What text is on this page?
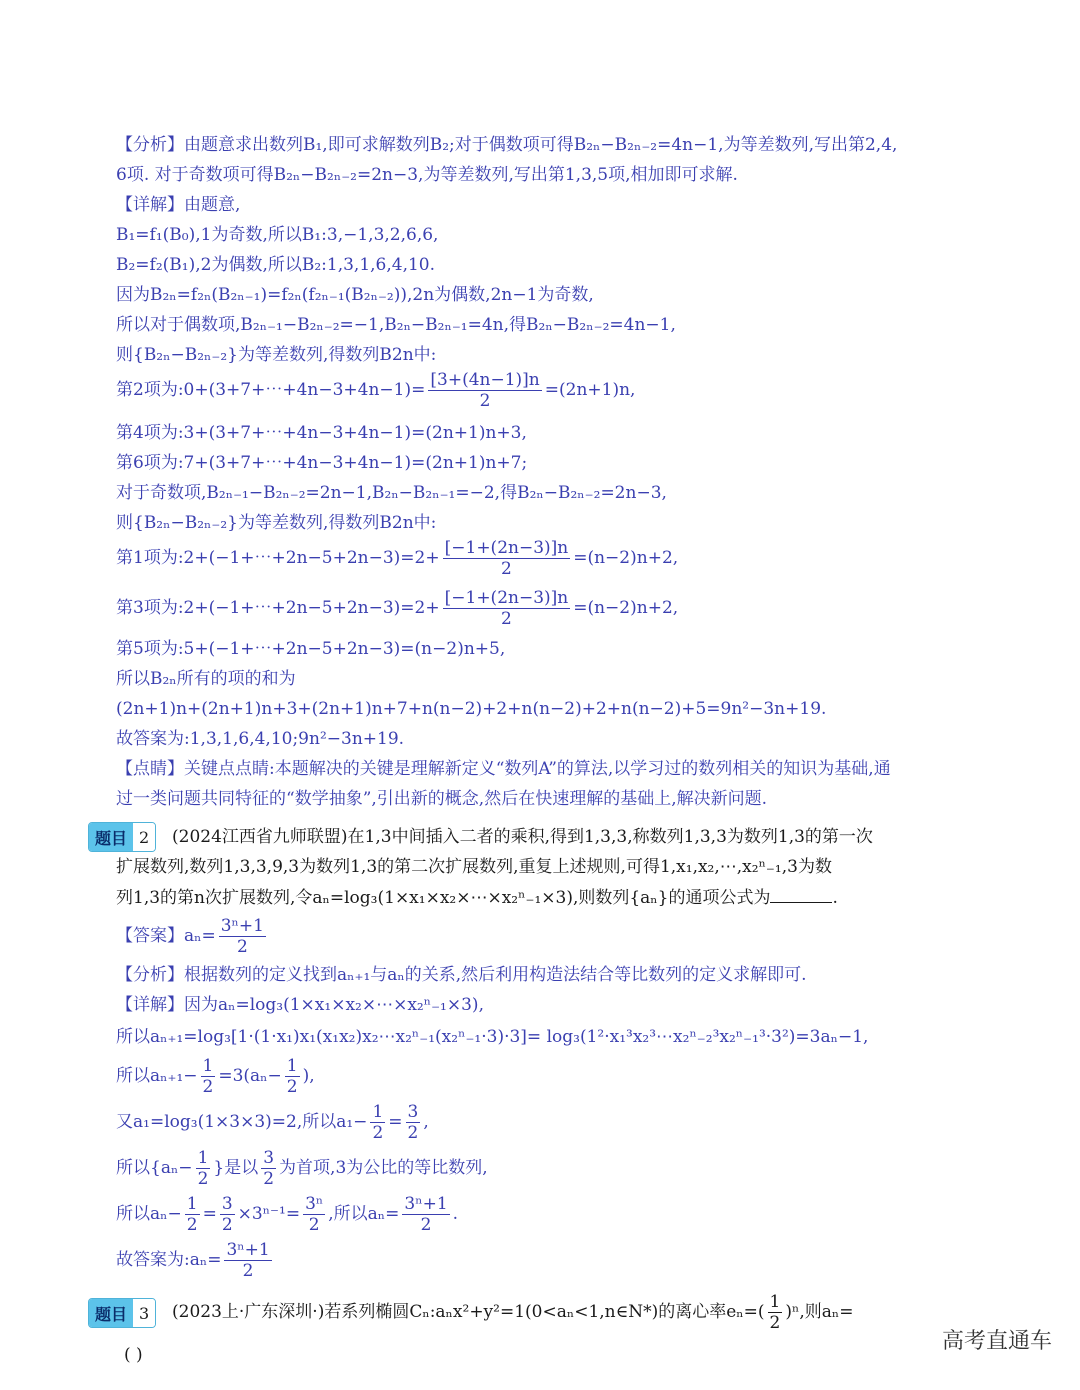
【分析】由题意求出数列B₁,即可求解数列B₂;对于偶数项可得B₂ₙ−B₂ₙ₋₂=4n−1,为等差数列,写出第2,4,
6项. 对于奇数项可得B₂ₙ−B₂ₙ₋₂=2n−3,为等差数列,写出第1,3,5项,相加即可求解.
【详解】由题意,
B₁=f₁(B₀),1为奇数,所以B₁:3,−1,3,2,6,6,
B₂=f₂(B₁),2为偶数,所以B₂:1,3,1,6,4,10.
因为B₂ₙ=f₂ₙ(B₂ₙ₋₁)=f₂ₙ(f₂ₙ₋₁(B₂ₙ₋₂)),2n为偶数,2n−1为奇数,
所以对于偶数项,B₂ₙ₋₁−B₂ₙ₋₂=−1,B₂ₙ−B₂ₙ₋₁=4n,得B₂ₙ−B₂ₙ₋₂=4n−1,
则{B₂ₙ−B₂ₙ₋₂}为等差数列,得数列B2n中:
第2项为:0+(3+7+⋯+4n−3+4n−1)= $\frac{[3+(4n-1)]n}{2} =(2n+1)n$,
第4项为:3+(3+7+⋯+4n−3+4n−1)=(2n+1)n+3,
第6项为:7+(3+7+⋯+4n−3+4n−1)=(2n+1)n+7;
对于奇数项,B₂ₙ₋₁−B₂ₙ₋₂=2n−1,B₂ₙ−B₂ₙ₋₁=−2,得B₂ₙ−B₂ₙ₋₂=2n−3,
则{B₂ₙ−B₂ₙ₋₂}为等差数列,得数列B2n中:
第1项为:2+(−1+⋯+2n−5+2n−3)=2+ $\frac{[-1+(2n-3)]n}{2} =(n-2)n+2$,
第3项为:2+(−1+⋯+2n−5+2n−3)=2+ $\frac{[-1+(2n-3)]n}{2} =(n-2)n+2$,
第5项为:5+(−1+⋯+2n−5+2n−3)=(n−2)n+5,
所以B₂ₙ所有的项的和为
(2n+1)n+(2n+1)n+3+(2n+1)n+7+n(n−2)+2+n(n−2)+2+n(n−2)+5=9n²−3n+19.
故答案为:1,3,1,6,4,10;9n²−3n+19.
【点睛】关键点点睛:本题解决的关键是理解新定义“数列A”的算法,以学习过的数列相关的知识为基础,通
过一类问题共同特征的“数学抽象”,引出新的概念,然后在快速理解的基础上,解决新问题.
题目 2	(2024江西省九师联盟)在1,3中间插入二者的乘积,得到1,3,3,称数列1,3,3为数列1,3的第一次
扩展数列,数列1,3,3,9,3为数列1,3的第二次扩展数列,重复上述规则,可得1,x₁,x₂,⋯,x₂ⁿ₋₁,3为数
列1,3的第n次扩展数列,令aₙ=log₃(1×x₁×x₂×⋯×x₂ⁿ₋₁×3),则数列{aₙ}的通项公式为	.
【答案】$a_n= \frac{\text{3ⁿ+1}}{2}$
【分析】根据数列的定义找到aₙ₊₁与aₙ的关系,然后利用构造法结合等比数列的定义求解即可.
【详解】因为aₙ=log₃(1×x₁×x₂×⋯×x₂ⁿ₋₁×3),
所以aₙ₊₁=log₃[1·(1·x₁)x₁(x₁x₂)x₂⋯x₂ⁿ₋₁(x₂ⁿ₋₁·3)·3]= log₃(1²·x₁³x₂³⋯x₂ⁿ₋₂³x₂ⁿ₋₁³·3²)=3aₙ−1,
所以$a_{n+1}- \frac{1}{2} =3(a_n- \frac{1}{2}$ ),
又a₁=log₃(1×3×3)=2,所以$a_1- \frac{1}{2} = \frac{3}{2}$ ,
所以{$a_n- \frac{1}{2}$ }是以 $\frac{3}{2}$ 为首项,3为公比的等比数列,
所以$a_n- \frac{1}{2} = \frac{3}{2} \times 3^{n-1}= \frac{\text{3ⁿ}}{2}$ ,所以$a_n= \frac{\text{3ⁿ+1}}{2}$ .
故答案为:aₙ= $\frac{\text{3ⁿ+1}}{2}$
题目 3	(2023上·广东深圳·)若系列椭圆Cₙ:aₙx²+y²=1(0<aₙ<1,n∈N*)的离心率$e_n=( \frac{1}{2} )^n$,则aₙ=
( )
高考直通车
